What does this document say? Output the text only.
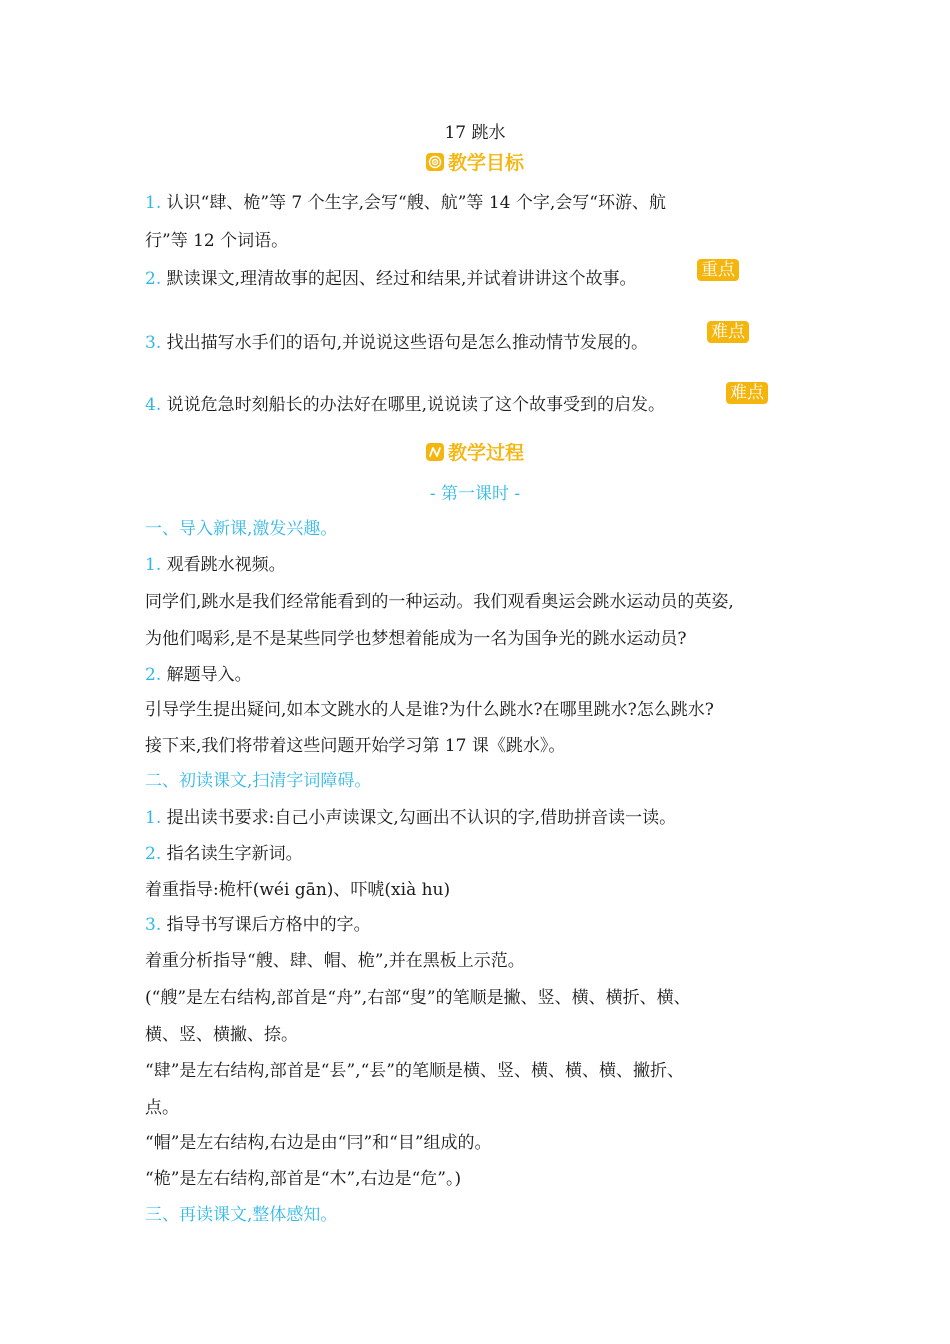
17 跳水
教学目标
1. 认识“肆、桅”等 7 个生字,会写“艘、航”等 14 个字,会写“环游、航
行”等 12 个词语。
2. 默读课文,理清故事的起因、经过和结果,并试着讲讲这个故事。	重点
3. 找出描写水手们的语句,并说说这些语句是怎么推动情节发展的。
难点
4. 说说危急时刻船长的办法好在哪里,说说读了这个故事受到的启发。
难点
教学过程
- 第一课时 -
一、导入新课,激发兴趣。
1. 观看跳水视频。
同学们,跳水是我们经常能看到的一种运动。我们观看奥运会跳水运动员的英姿,
为他们喝彩,是不是某些同学也梦想着能成为一名为国争光的跳水运动员?
2. 解题导入。
引导学生提出疑问,如本文跳水的人是谁?为什么跳水?在哪里跳水?怎么跳水?
接下来,我们将带着这些问题开始学习第 17 课《跳水》。
二、初读课文,扫清字词障碍。
1. 提出读书要求:自己小声读课文,勾画出不认识的字,借助拼音读一读。
2. 指名读生字新词。
着重指导:桅杆(wéi gān)、吓唬(xià hu)
3. 指导书写课后方格中的字。
着重分析指导“艘、肆、帽、桅”,并在黑板上示范。
(“艘”是左右结构,部首是“舟”,右部“叟”的笔顺是撇、竖、横、横折、横、
横、竖、横撇、捺。
“肆”是左右结构,部首是“镸”,“镸”的笔顺是横、竖、横、横、横、撇折、
点。
“帽”是左右结构,右边是由“冃”和“目”组成的。
“桅”是左右结构,部首是“木”,右边是“危”。)
三、再读课文,整体感知。
